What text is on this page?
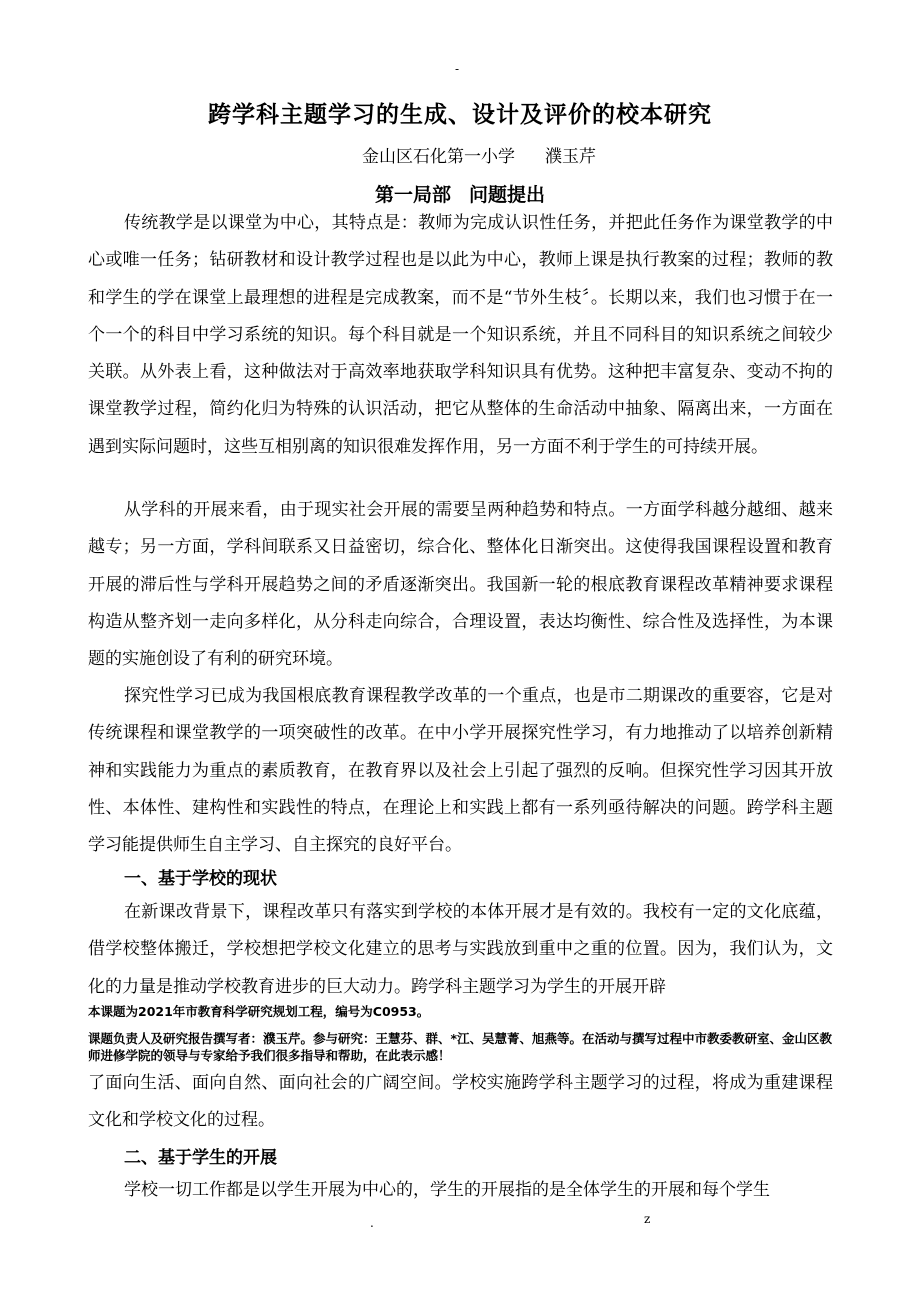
-
跨学科主题学习的生成、设计及评价的校本研究
金山区石化第一小学 濮玉芹
第一局部 问题提出

传统教学是以课堂为中心，其特点是：教师为完成认识性任务，并把此任务作为课堂教学的中心或唯一任务；钻研教材和设计教学过程也是以此为中心，教师上课是执行教案的过程；教师的教和学生的学在课堂上最理想的进程是完成教案，而不是“节外生枝〞。长期以来，我们也习惯于在一个一个的科目中学习系统的知识。每个科目就是一个知识系统，并且不同科目的知识系统之间较少关联。从外表上看，这种做法对于高效率地获取学科知识具有优势。这种把丰富复杂、变动不拘的课堂教学过程，简约化归为特殊的认识活动，把它从整体的生命活动中抽象、隔离出来，一方面在遇到实际问题时，这些互相别离的知识很难发挥作用，另一方面不利于学生的可持续开展。

从学科的开展来看，由于现实社会开展的需要呈两种趋势和特点。一方面学科越分越细、越来越专；另一方面，学科间联系又日益密切，综合化、整体化日渐突出。这使得我国课程设置和教育开展的滞后性与学科开展趋势之间的矛盾逐渐突出。我国新一轮的根底教育课程改革精神要求课程构造从整齐划一走向多样化，从分科走向综合，合理设置，表达均衡性、综合性及选择性，为本课题的实施创设了有利的研究环境。

探究性学习已成为我国根底教育课程教学改革的一个重点，也是市二期课改的重要容，它是对传统课程和课堂教学的一项突破性的改革。在中小学开展探究性学习，有力地推动了以培养创新精神和实践能力为重点的素质教育，在教育界以及社会上引起了强烈的反响。但探究性学习因其开放性、本体性、建构性和实践性的特点，在理论上和实践上都有一系列亟待解决的问题。跨学科主题学习能提供师生自主学习、自主探究的良好平台。

一、基于学校的现状

在新课改背景下，课程改革只有落实到学校的本体开展才是有效的。我校有一定的文化底蕴，借学校整体搬迁，学校想把学校文化建立的思考与实践放到重中之重的位置。因为，我们认为，文化的力量是推动学校教育进步的巨大动力。跨学科主题学习为学生的开展开辟

本课题为2021年市教育科学研究规划工程，编号为C0953。

课题负责人及研究报告撰写者：濮玉芹。参与研究：王慧芬、群、*江、吴慧菁、旭燕等。在活动与撰写过程中市教委教研室、金山区教师进修学院的领导与专家给予我们很多指导和帮助，在此表示感！

了面向生活、面向自然、面向社会的广阔空间。学校实施跨学科主题学习的过程，将成为重建课程文化和学校文化的过程。

二、基于学生的开展

学校一切工作都是以学生开展为中心的，学生的开展指的是全体学生的开展和每个学生

.	z
